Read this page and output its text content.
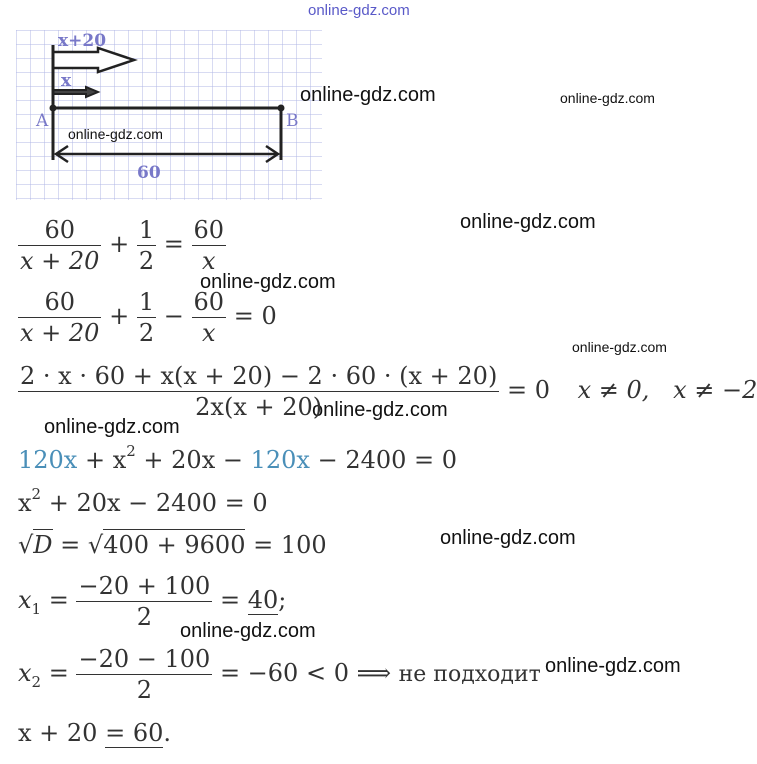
online-gdz.com
x+20
x
A	B
60
online-gdz.com	online-gdz.com
online-gdz.com
online-gdz.com
online-gdz.com
online-gdz.com
online-gdz.com
online-gdz.com
online-gdz.com
online-gdz.com
online-gdz.com
$\frac{60}{x + 20} + \frac{1}{2} = \frac{60}{x}$
$\frac{60}{x + 20} + \frac{1}{2} - \frac{60}{x} = 0$
$\frac{2 \cdot x \cdot 60 + x(x + 20) - 2 \cdot 60 \cdot (x + 20)}{2x(x + 20)} = 0$ x ≠ 0, x ≠ −2
$120x + x^2 + 20x - 120x - 2400 = 0$
$x^2 + 20x - 2400 = 0$
√D = √400 + 9600 = 100
$x_1 = \frac{-20 + 100}{2} = 40$;
$x_2 = \frac{-20 - 100}{2} = -60 < 0$ ⟹ не подходит
x + 20 = 60.
